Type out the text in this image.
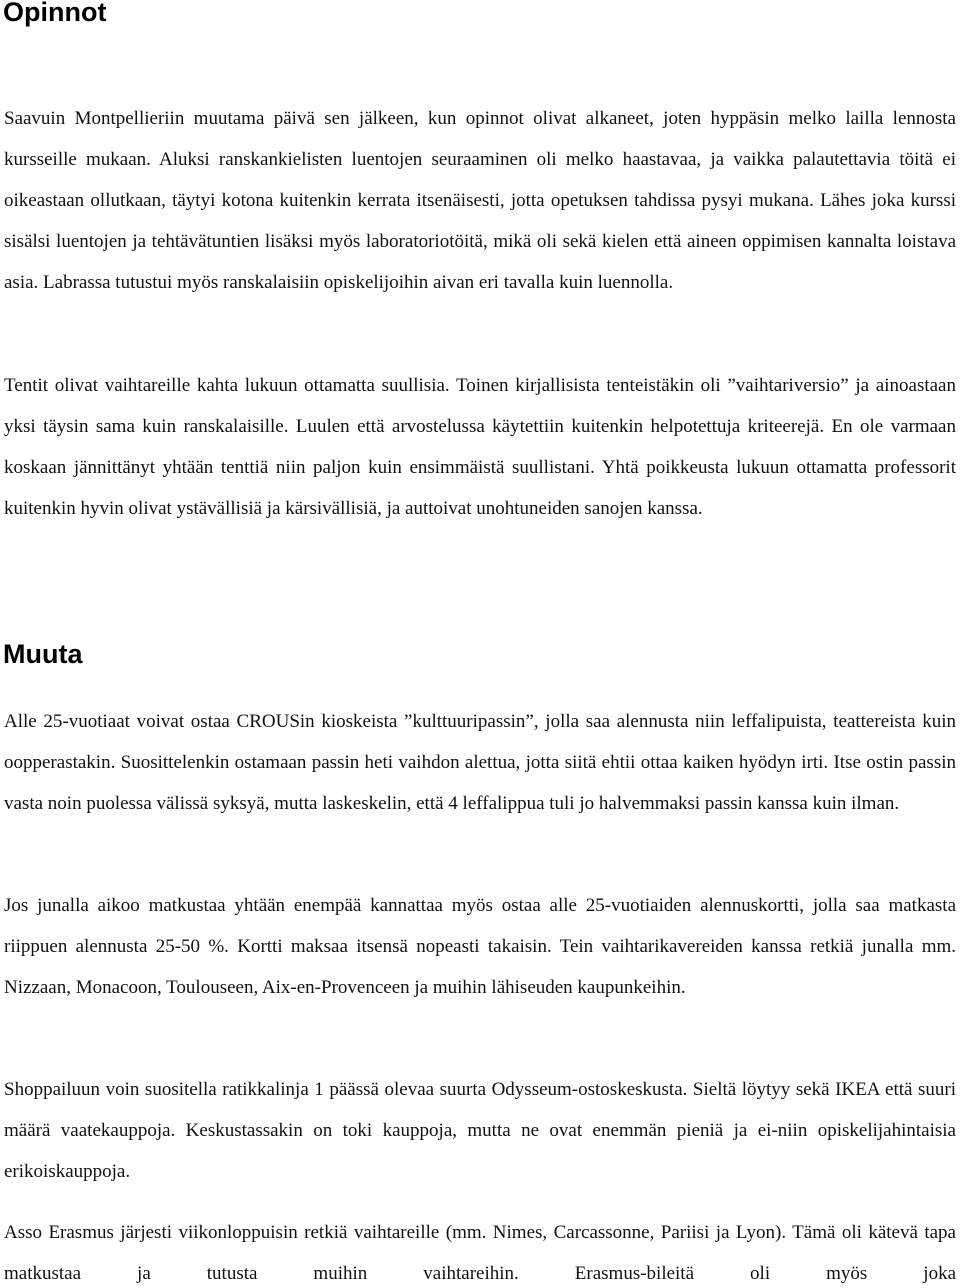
Opinnot

Saavuin Montpellieriin muutama päivä sen jälkeen, kun opinnot olivat alkaneet, joten hyppäsin melko lailla lennosta kursseille mukaan. Aluksi ranskankielisten luentojen seuraaminen oli melko haastavaa, ja vaikka palautettavia töitä ei oikeastaan ollutkaan, täytyi kotona kuitenkin kerrata itsenäisesti, jotta opetuksen tahdissa pysyi mukana. Lähes joka kurssi sisälsi luentojen ja tehtävätuntien lisäksi myös laboratoriotöitä, mikä oli sekä kielen että aineen oppimisen kannalta loistava asia. Labrassa tutustui myös ranskalaisiin opiskelijoihin aivan eri tavalla kuin luennolla.

Tentit olivat vaihtareille kahta lukuun ottamatta suullisia. Toinen kirjallisista tenteistäkin oli ”vaihtariversio” ja ainoastaan yksi täysin sama kuin ranskalaisille. Luulen että arvostelussa käytettiin kuitenkin helpotettuja kriteerejä. En ole varmaan koskaan jännittänyt yhtään tenttiä niin paljon kuin ensimmäistä suullistani. Yhtä poikkeusta lukuun ottamatta professorit kuitenkin hyvin olivat ystävällisiä ja kärsivällisiä, ja auttoivat unohtuneiden sanojen kanssa.

Muuta

Alle 25-vuotiaat voivat ostaa CROUSin kioskeista ”kulttuuripassin”, jolla saa alennusta niin leffalipuista, teattereista kuin oopperastakin. Suosittelenkin ostamaan passin heti vaihdon alettua, jotta siitä ehtii ottaa kaiken hyödyn irti. Itse ostin passin vasta noin puolessa välissä syksyä, mutta laskeskelin, että 4 leffalippua tuli jo halvemmaksi passin kanssa kuin ilman.

Jos junalla aikoo matkustaa yhtään enempää kannattaa myös ostaa alle 25-vuotiaiden alennuskortti, jolla saa matkasta riippuen alennusta 25-50 %. Kortti maksaa itsensä nopeasti takaisin. Tein vaihtarikavereiden kanssa retkiä junalla mm. Nizzaan, Monacoon, Toulouseen, Aix-en-Provenceen ja muihin lähiseuden kaupunkeihin.

Shoppailuun voin suositella ratikkalinja 1 päässä olevaa suurta Odysseum-ostoskeskusta. Sieltä löytyy sekä IKEA että suuri määrä vaatekauppoja. Keskustassakin on toki kauppoja, mutta ne ovat enemmän pieniä ja ei-niin opiskelijahintaisia erikoiskauppoja.

Asso Erasmus järjesti viikonloppuisin retkiä vaihtareille (mm. Nimes, Carcassonne, Pariisi ja Lyon). Tämä oli kätevä tapa matkustaa ja tutusta muihin vaihtareihin. Erasmus-bileitä oli myös joka
